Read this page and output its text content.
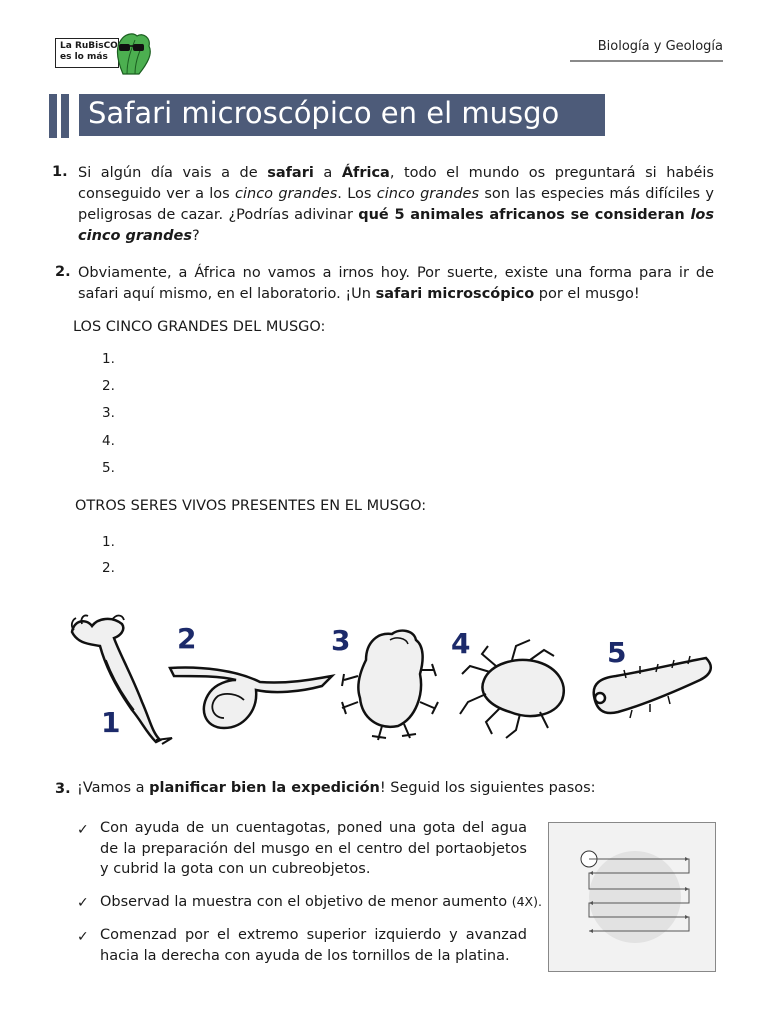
La RuBisCO
es lo más
Biología y Geología
Safari microscópico en el musgo
1. Si algún día vais a de safari a África, todo el mundo os preguntará si habéis conseguido ver a los cinco grandes. Los cinco grandes son las especies más difíciles y peligrosas de cazar. ¿Podrías adivinar qué 5 animales africanos se consideran los cinco grandes?
2. Obviamente, a África no vamos a irnos hoy. Por suerte, existe una forma para ir de safari aquí mismo, en el laboratorio. ¡Un safari microscópico por el musgo!
LOS CINCO GRANDES DEL MUSGO:
1.
2.
3.
4.
5.
OTROS SERES VIVOS PRESENTES EN EL MUSGO:
1.
2.
1
2	3	4	5
3. ¡Vamos a planificar bien la expedición! Seguid los siguientes pasos:
✓ Con ayuda de un cuentagotas, poned una gota del agua de la preparación del musgo en el centro del portaobjetos y cubrid la gota con un cubreobjetos.
✓ Observad la muestra con el objetivo de menor aumento (4X).
✓ Comenzad por el extremo superior izquierdo y avanzad hacia la derecha con ayuda de los tornillos de la platina.
